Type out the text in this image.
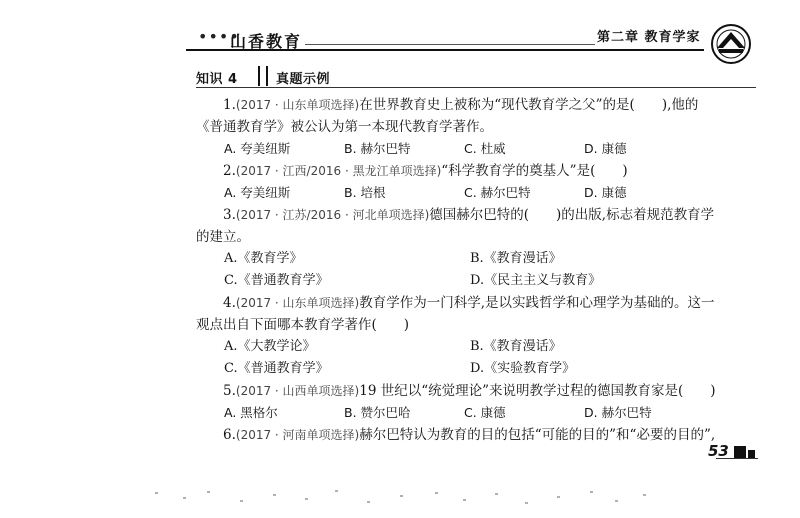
••••
山香教育	第二章 教育学家
知识 4	真题示例
1.(2017 · 山东单项选择)在世界教育史上被称为“现代教育学之父”的是(　　),他的
《普通教育学》被公认为第一本现代教育学著作。
A. 夸美纽斯	B. 赫尔巴特	C. 杜威	D. 康德
2.(2017 · 江西/2016 · 黑龙江单项选择)“科学教育学的奠基人”是(　　)
A. 夸美纽斯	B. 培根	C. 赫尔巴特	D. 康德
3.(2017 · 江苏/2016 · 河北单项选择)德国赫尔巴特的(　　)的出版,标志着规范教育学
的建立。
A.《教育学》	B.《教育漫话》
C.《普通教育学》	D.《民主主义与教育》
4.(2017 · 山东单项选择)教育学作为一门科学,是以实践哲学和心理学为基础的。这一
观点出自下面哪本教育学著作(　　)
A.《大教学论》	B.《教育漫话》
C.《普通教育学》	D.《实验教育学》
5.(2017 · 山西单项选择)19 世纪以“统觉理论”来说明教学过程的德国教育家是(　　)
A. 黑格尔	B. 赞尔巴哈	C. 康德	D. 赫尔巴特
6.(2017 · 河南单项选择)赫尔巴特认为教育的目的包括“可能的目的”和“必要的目的”,
53
